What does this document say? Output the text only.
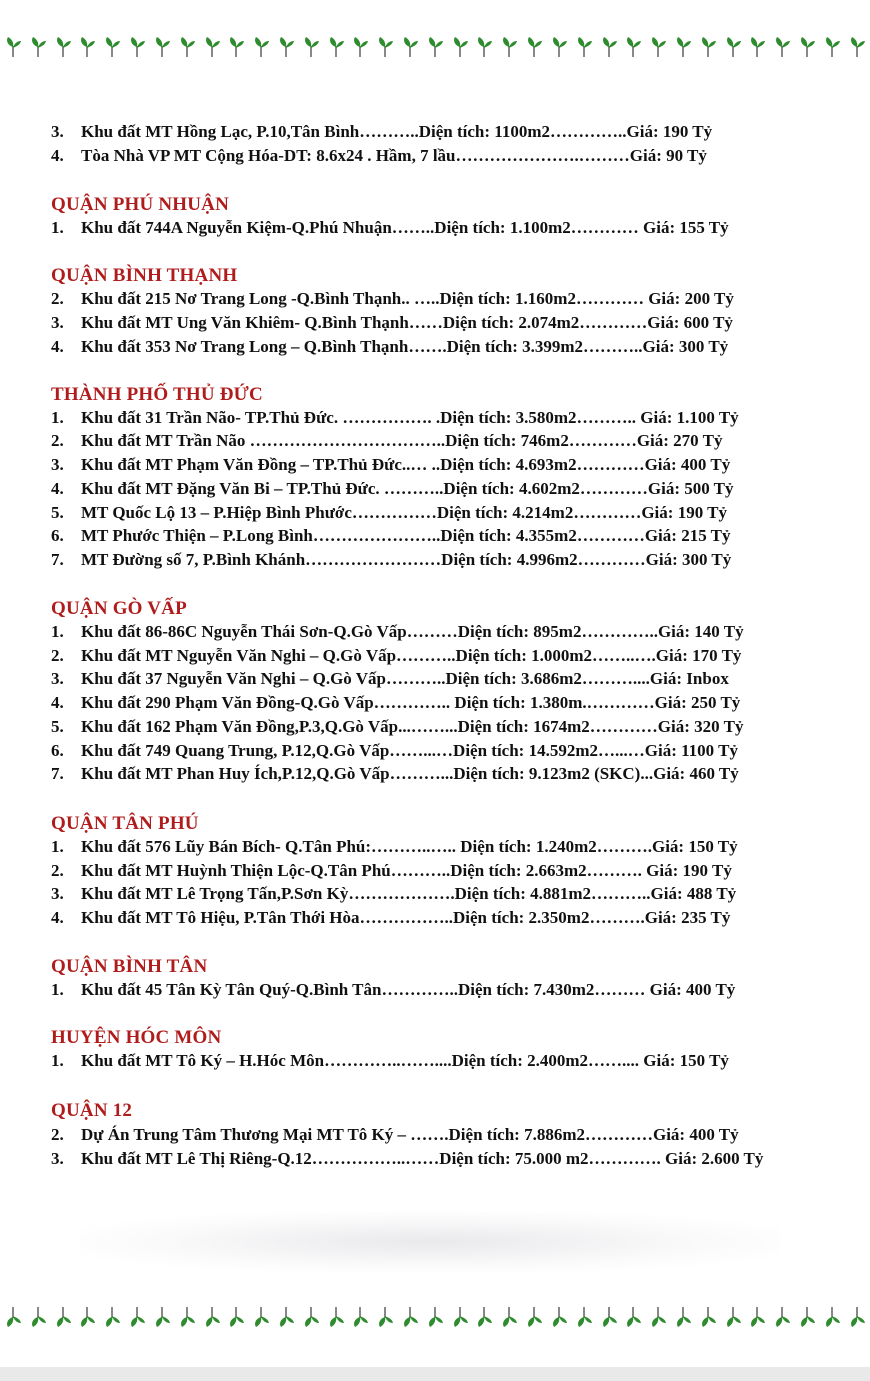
3. Khu đất MT Hồng Lạc, P.10,Tân Bình………..Diện tích: 1100m2…………..Giá: 190 Tỷ
4. Tòa Nhà VP MT Cộng Hóa-DT: 8.6x24 . Hầm, 7 lầu………………….………Giá: 90 Tỷ
QUẬN PHÚ NHUẬN
1. Khu đất 744A Nguyễn Kiệm-Q.Phú Nhuận……..Diện tích: 1.100m2………… Giá: 155 Tỷ
QUẬN BÌNH THẠNH
2. Khu đất 215 Nơ Trang Long -Q.Bình Thạnh.. …..Diện tích: 1.160m2………… Giá: 200 Tỷ
3. Khu đất MT Ung Văn Khiêm- Q.Bình Thạnh……Diện tích: 2.074m2…………Giá: 600 Tỷ
4. Khu đất 353 Nơ Trang Long – Q.Bình Thạnh…….Diện tích: 3.399m2………..Giá: 300 Tỷ
THÀNH PHỐ THỦ ĐỨC
1. Khu đất 31 Trần Não- TP.Thủ Đức. ……………. .Diện tích: 3.580m2……….. Giá: 1.100 Tỷ
2. Khu đất MT Trần Não ……………………………..Diện tích: 746m2…………Giá: 270 Tỷ
3. Khu đất MT Phạm Văn Đồng – TP.Thủ Đức..… ..Diện tích: 4.693m2…………Giá: 400 Tỷ
4. Khu đất MT Đặng Văn Bi – TP.Thủ Đức. ………..Diện tích: 4.602m2…………Giá: 500 Tỷ
5. MT Quốc Lộ 13 – P.Hiệp Bình Phước……………Diện tích: 4.214m2…………Giá: 190 Tỷ
6. MT Phước Thiện – P.Long Bình…………………..Diện tích: 4.355m2…………Giá: 215 Tỷ
7. MT Đường số 7, P.Bình Khánh……………………Diện tích: 4.996m2…………Giá: 300 Tỷ
QUẬN GÒ VẤP
1. Khu đất 86-86C Nguyễn Thái Sơn-Q.Gò Vấp………Diện tích: 895m2…………..Giá: 140 Tỷ
2. Khu đất MT Nguyễn Văn Nghi – Q.Gò Vấp………..Diện tích: 1.000m2……..….Giá: 170 Tỷ
3. Khu đất 37 Nguyễn Văn Nghi – Q.Gò Vấp………..Diện tích: 3.686m2………....Giá: Inbox
4. Khu đất 290 Phạm Văn Đồng-Q.Gò Vấp………….. Diện tích: 1.380m.…………Giá: 250 Tỷ
5. Khu đất 162 Phạm Văn Đồng,P.3,Q.Gò Vấp...……...Diện tích: 1674m2…………Giá: 320 Tỷ
6. Khu đất 749 Quang Trung, P.12,Q.Gò Vấp……...…Diện tích: 14.592m2…...…Giá: 1100 Tỷ
7. Khu đất MT Phan Huy Ích,P.12,Q.Gò Vấp………...Diện tích: 9.123m2 (SKC)...Giá: 460 Tỷ
QUẬN TÂN PHÚ
1. Khu đất 576 Lũy Bán Bích- Q.Tân Phú:………..….. Diện tích: 1.240m2……….Giá: 150 Tỷ
2. Khu đất MT Huỳnh Thiện Lộc-Q.Tân Phú………..Diện tích: 2.663m2………. Giá: 190 Tỷ
3. Khu đất MT Lê Trọng Tấn,P.Sơn Kỳ……………….Diện tích: 4.881m2………..Giá: 488 Tỷ
4. Khu đất MT Tô Hiệu, P.Tân Thới Hòa……………..Diện tích: 2.350m2……….Giá: 235 Tỷ
QUẬN BÌNH TÂN
1. Khu đất 45 Tân Kỳ Tân Quý-Q.Bình Tân…………..Diện tích: 7.430m2……… Giá: 400 Tỷ
HUYỆN HÓC MÔN
1. Khu đất MT Tô Ký – H.Hóc Môn…………..……....Diện tích: 2.400m2…….... Giá: 150 Tỷ
QUẬN 12
2. Dự Án Trung Tâm Thương Mại MT Tô Ký – …….Diện tích: 7.886m2…………Giá: 400 Tỷ
3. Khu đất MT Lê Thị Riêng-Q.12……………..……Diện tích: 75.000 m2…………. Giá: 2.600 Tỷ
